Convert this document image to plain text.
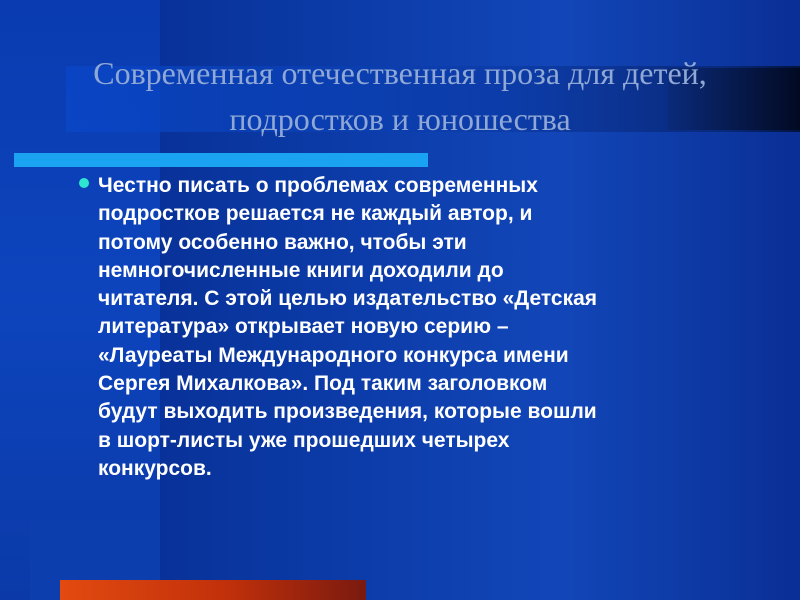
Современная отечественная проза для детей, подростков и юношества

Честно писать о проблемах современных
подростков решается не каждый автор, и
потому особенно важно, чтобы эти
немногочисленные книги доходили до
читателя. С этой целью издательство «Детская
литература» открывает новую серию –
«Лауреаты Международного конкурса имени
Сергея Михалкова». Под таким заголовком
будут выходить произведения, которые вошли
в шорт-листы уже прошедших четырех
конкурсов.
